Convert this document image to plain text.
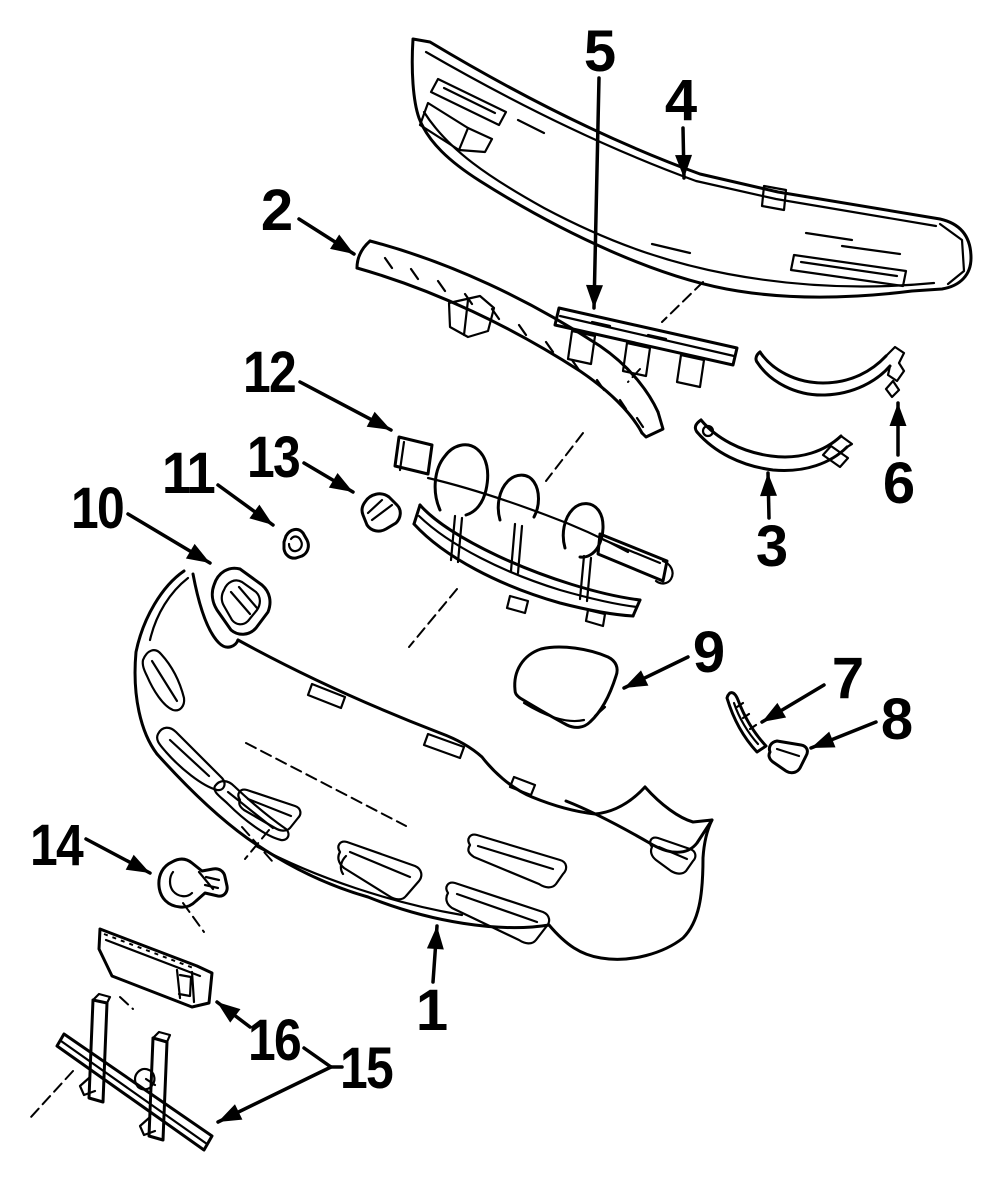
1
2
3
4
5
6
7
8
9
10
11
12
13
14
15
16
